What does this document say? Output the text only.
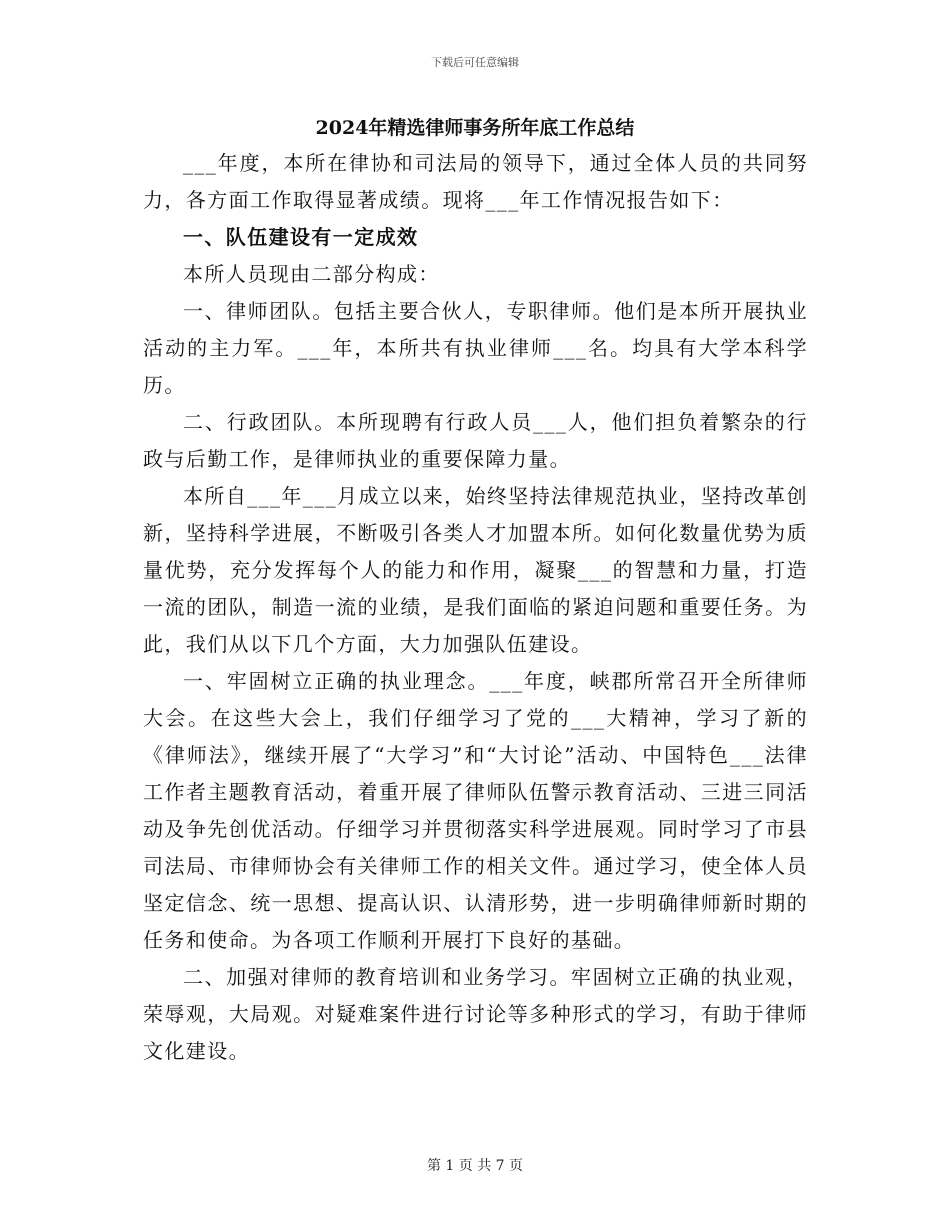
下载后可任意编辑
2024年精选律师事务所年底工作总结

___年度，本所在律协和司法局的领导下，通过全体人员的共同努力，各方面工作取得显著成绩。现将___年工作情况报告如下：

一、队伍建设有一定成效

本所人员现由二部分构成：

一、律师团队。包括主要合伙人，专职律师。他们是本所开展执业活动的主力军。___年，本所共有执业律师___名。均具有大学本科学历。

二、行政团队。本所现聘有行政人员___人，他们担负着繁杂的行政与后勤工作，是律师执业的重要保障力量。

本所自___年___月成立以来，始终坚持法律规范执业，坚持改革创新，坚持科学进展，不断吸引各类人才加盟本所。如何化数量优势为质量优势，充分发挥每个人的能力和作用，凝聚___的智慧和力量，打造一流的团队，制造一流的业绩，是我们面临的紧迫问题和重要任务。为此，我们从以下几个方面，大力加强队伍建设。

一、牢固树立正确的执业理念。___年度，峡郡所常召开全所律师大会。在这些大会上，我们仔细学习了党的___大精神，学习了新的《律师法》，继续开展了“大学习”和“大讨论”活动、中国特色___法律工作者主题教育活动，着重开展了律师队伍警示教育活动、三进三同活动及争先创优活动。仔细学习并贯彻落实科学进展观。同时学习了市县司法局、市律师协会有关律师工作的相关文件。通过学习，使全体人员坚定信念、统一思想、提高认识、认清形势，进一步明确律师新时期的任务和使命。为各项工作顺利开展打下良好的基础。

二、加强对律师的教育培训和业务学习。牢固树立正确的执业观，荣辱观，大局观。对疑难案件进行讨论等多种形式的学习，有助于律师文化建设。

第 1 页 共 7 页
